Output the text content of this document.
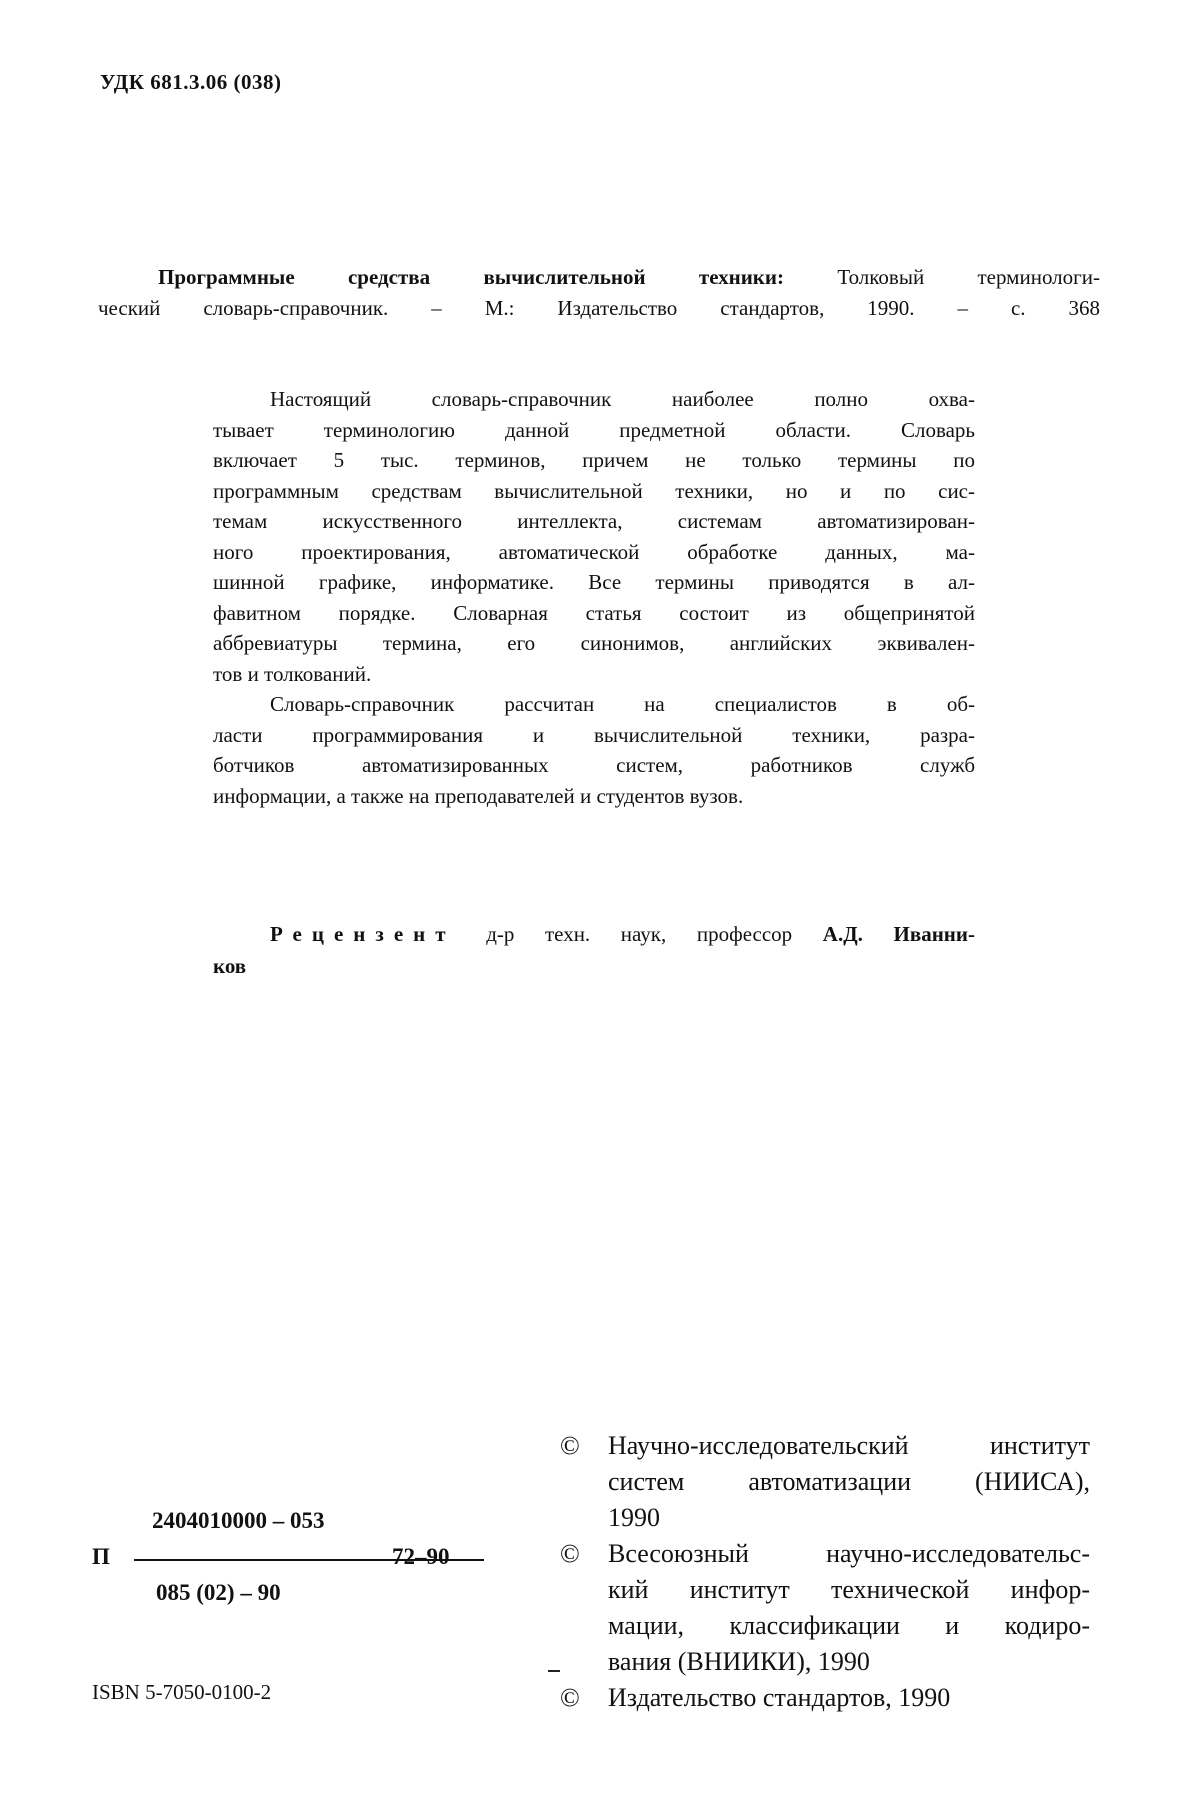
УДК 681.3.06 (038)
Программные средства вычислительной техники:	Толковый терминологи-
ческий словарь-справочник. – М.: Издательство стандартов, 1990. – с. 368
Настоящий словарь-справочник наиболее полно охва-
тывает терминологию данной предметной области. Словарь
включает 5 тыс. терминов, причем не только термины по
программным средствам вычислительной техники, но и по сис-
темам искусственного интеллекта, системам автоматизирован-
ного проектирования, автоматической обработке данных, ма-
шинной графике, информатике. Все термины приводятся в ал-
фавитном порядке. Словарная статья состоит из общепринятой
аббревиатуры термина, его синонимов, английских эквивален-
тов и толкований.
Словарь-справочник рассчитан на специалистов в об-
ласти программирования и вычислительной техники, разра-
ботчиков автоматизированных систем, работников служб
информации, а также на преподавателей и студентов вузов.
Рецензент д-р техн. наук, профессор А.Д. Иванни-
ков
2404010000 – 053
П	72–90
085 (02) – 90
ISBN 5-7050-0100-2
© Научно-исследовательский институт
систем автоматизации (НИИСА),
1990
© Всесоюзный научно-исследовательс-
кий институт технической инфор-
мации, классификации и кодиро-
вания (ВНИИКИ), 1990
© Издательство стандартов, 1990
